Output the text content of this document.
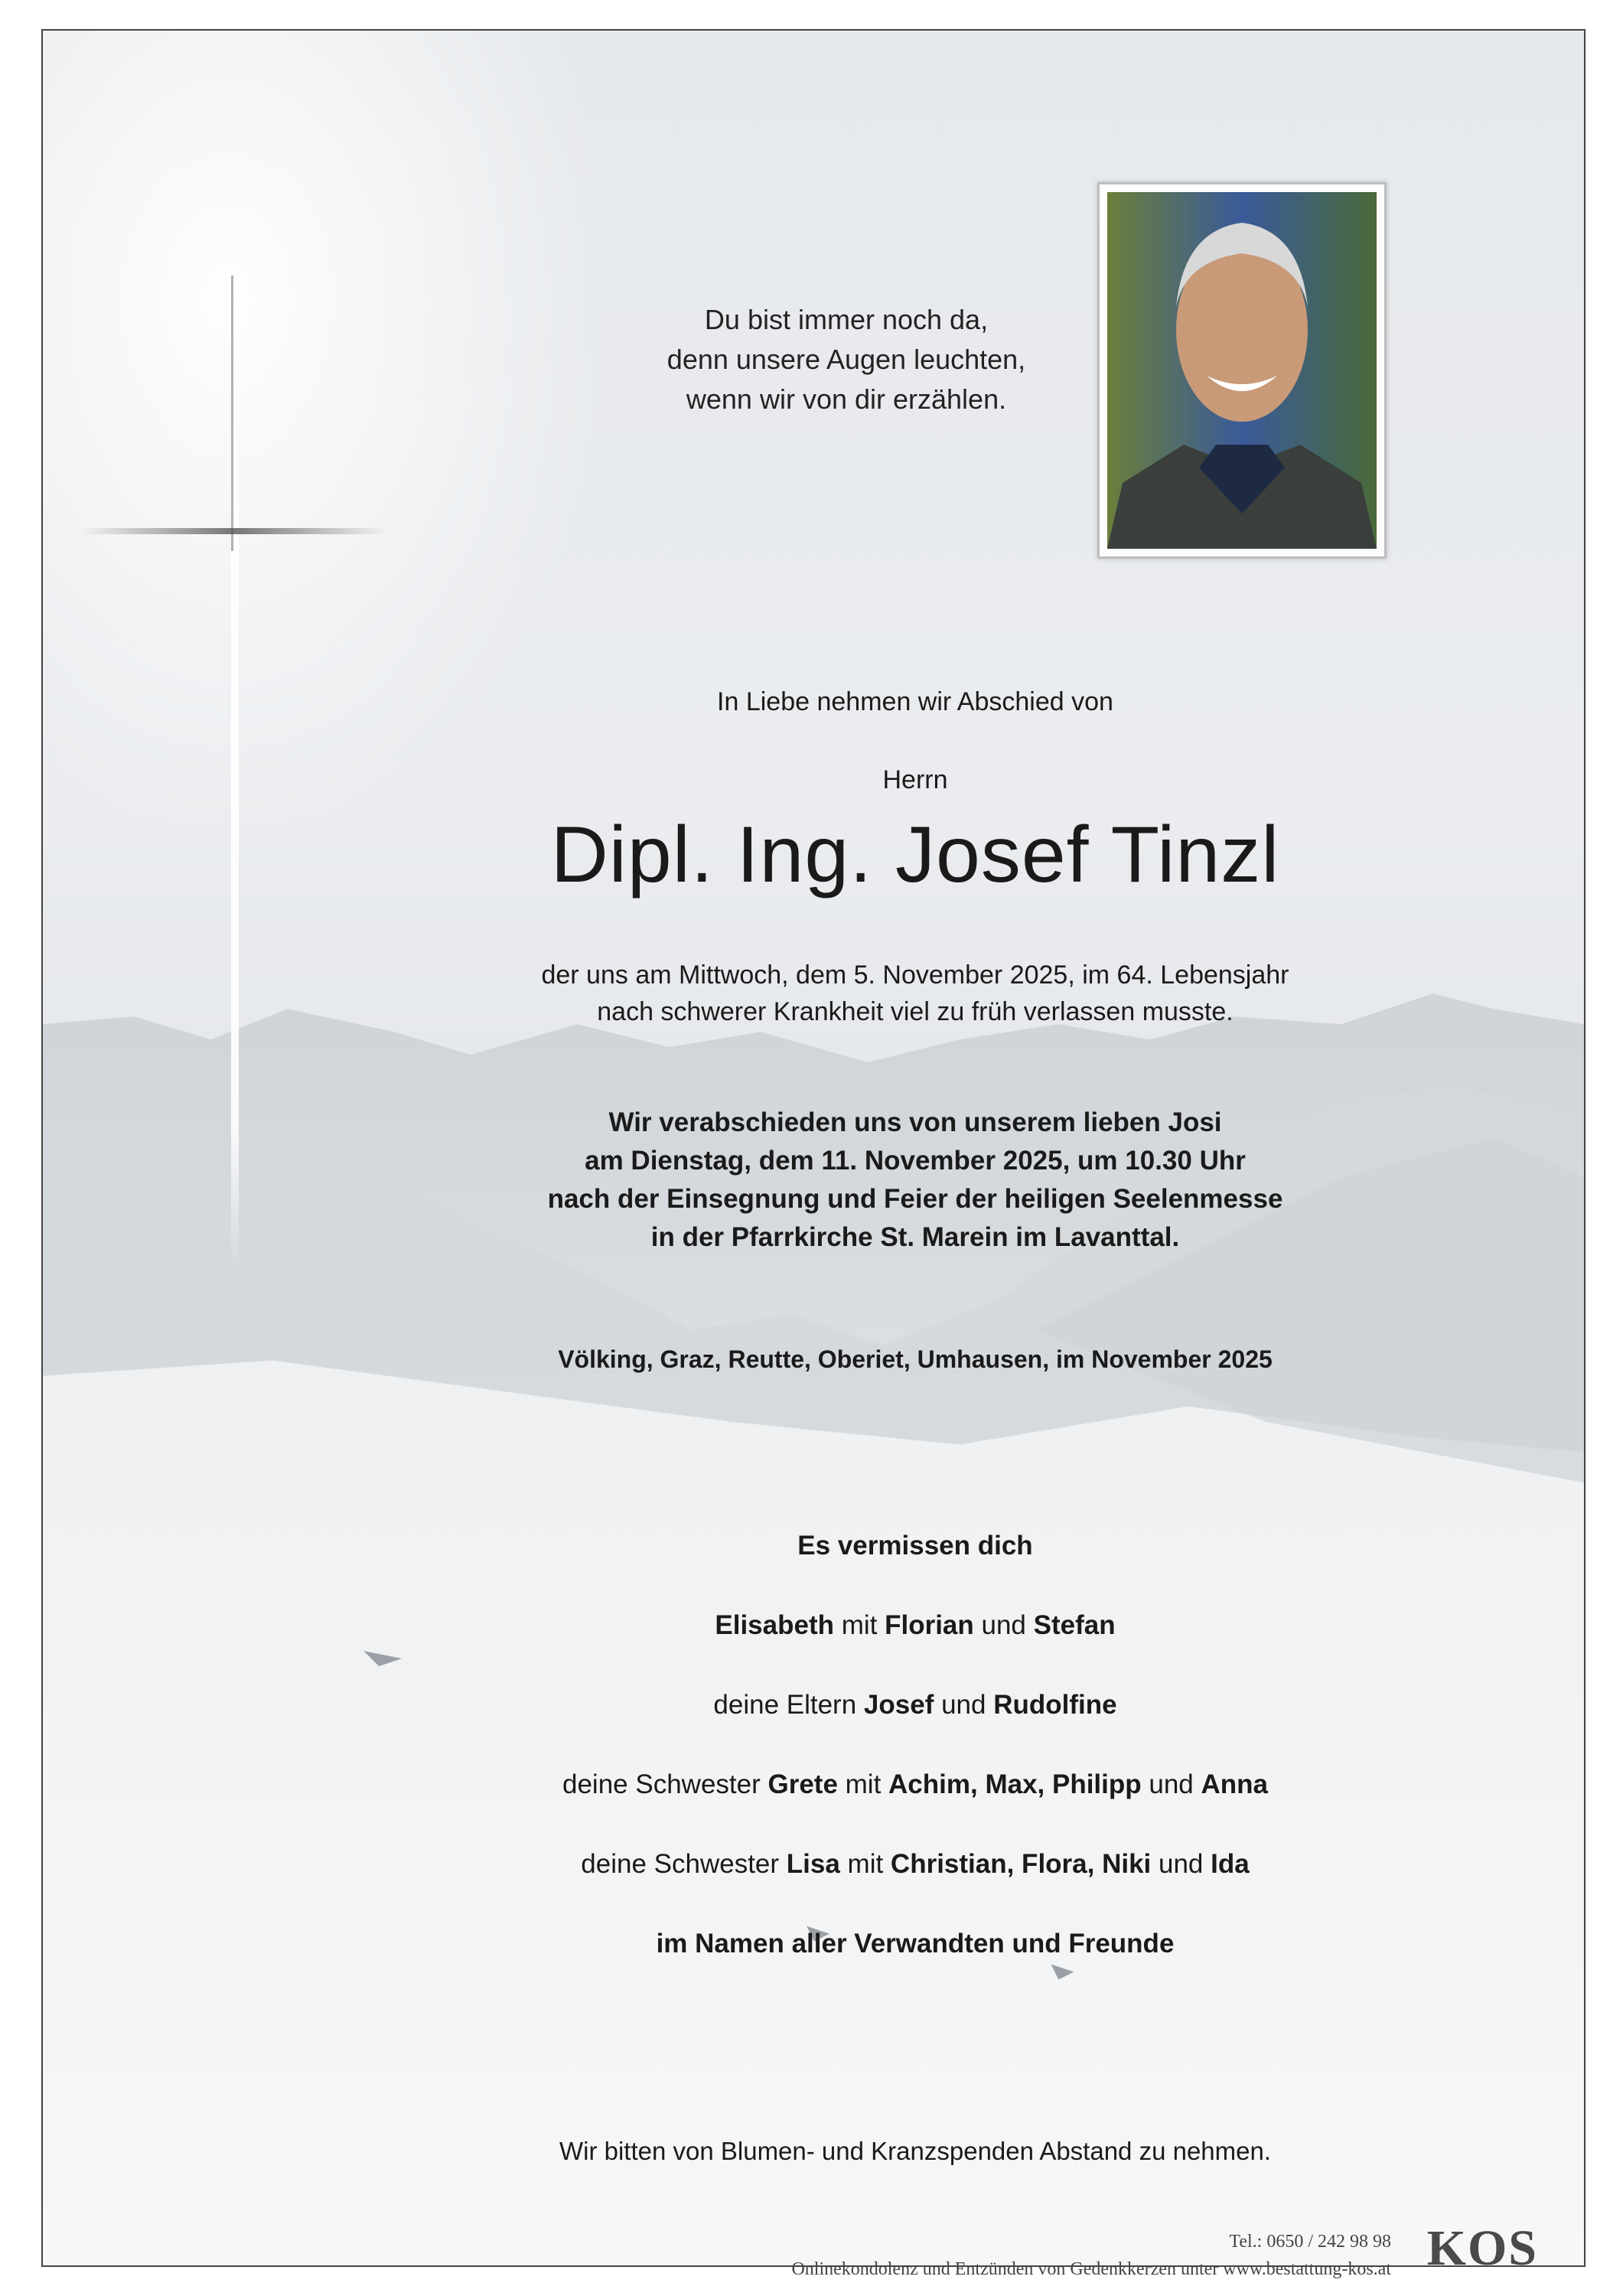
Du bist immer noch da,
denn unsere Augen leuchten,
wenn wir von dir erzählen.
In Liebe nehmen wir Abschied von
Herrn
Dipl. Ing. Josef Tinzl
der uns am Mittwoch, dem 5. November 2025, im 64. Lebensjahr
nach schwerer Krankheit viel zu früh verlassen musste.
Wir verabschieden uns von unserem lieben Josi
am Dienstag, dem 11. November 2025, um 10.30 Uhr
nach der Einsegnung und Feier der heiligen Seelenmesse
in der Pfarrkirche St. Marein im Lavanttal.
Völking, Graz, Reutte, Oberiet, Umhausen, im November 2025
Es vermissen dich
Elisabeth mit Florian und Stefan
deine Eltern Josef und Rudolfine
deine Schwester Grete mit Achim, Max, Philipp und Anna
deine Schwester Lisa mit Christian, Flora, Niki und Ida
im Namen aller Verwandten und Freunde
Wir bitten von Blumen- und Kranzspenden Abstand zu nehmen.
Tel.: 0650 / 242 98 98
Onlinekondolenz und Entzünden von Gedenkkerzen unter www.bestattung-kos.at KOS
